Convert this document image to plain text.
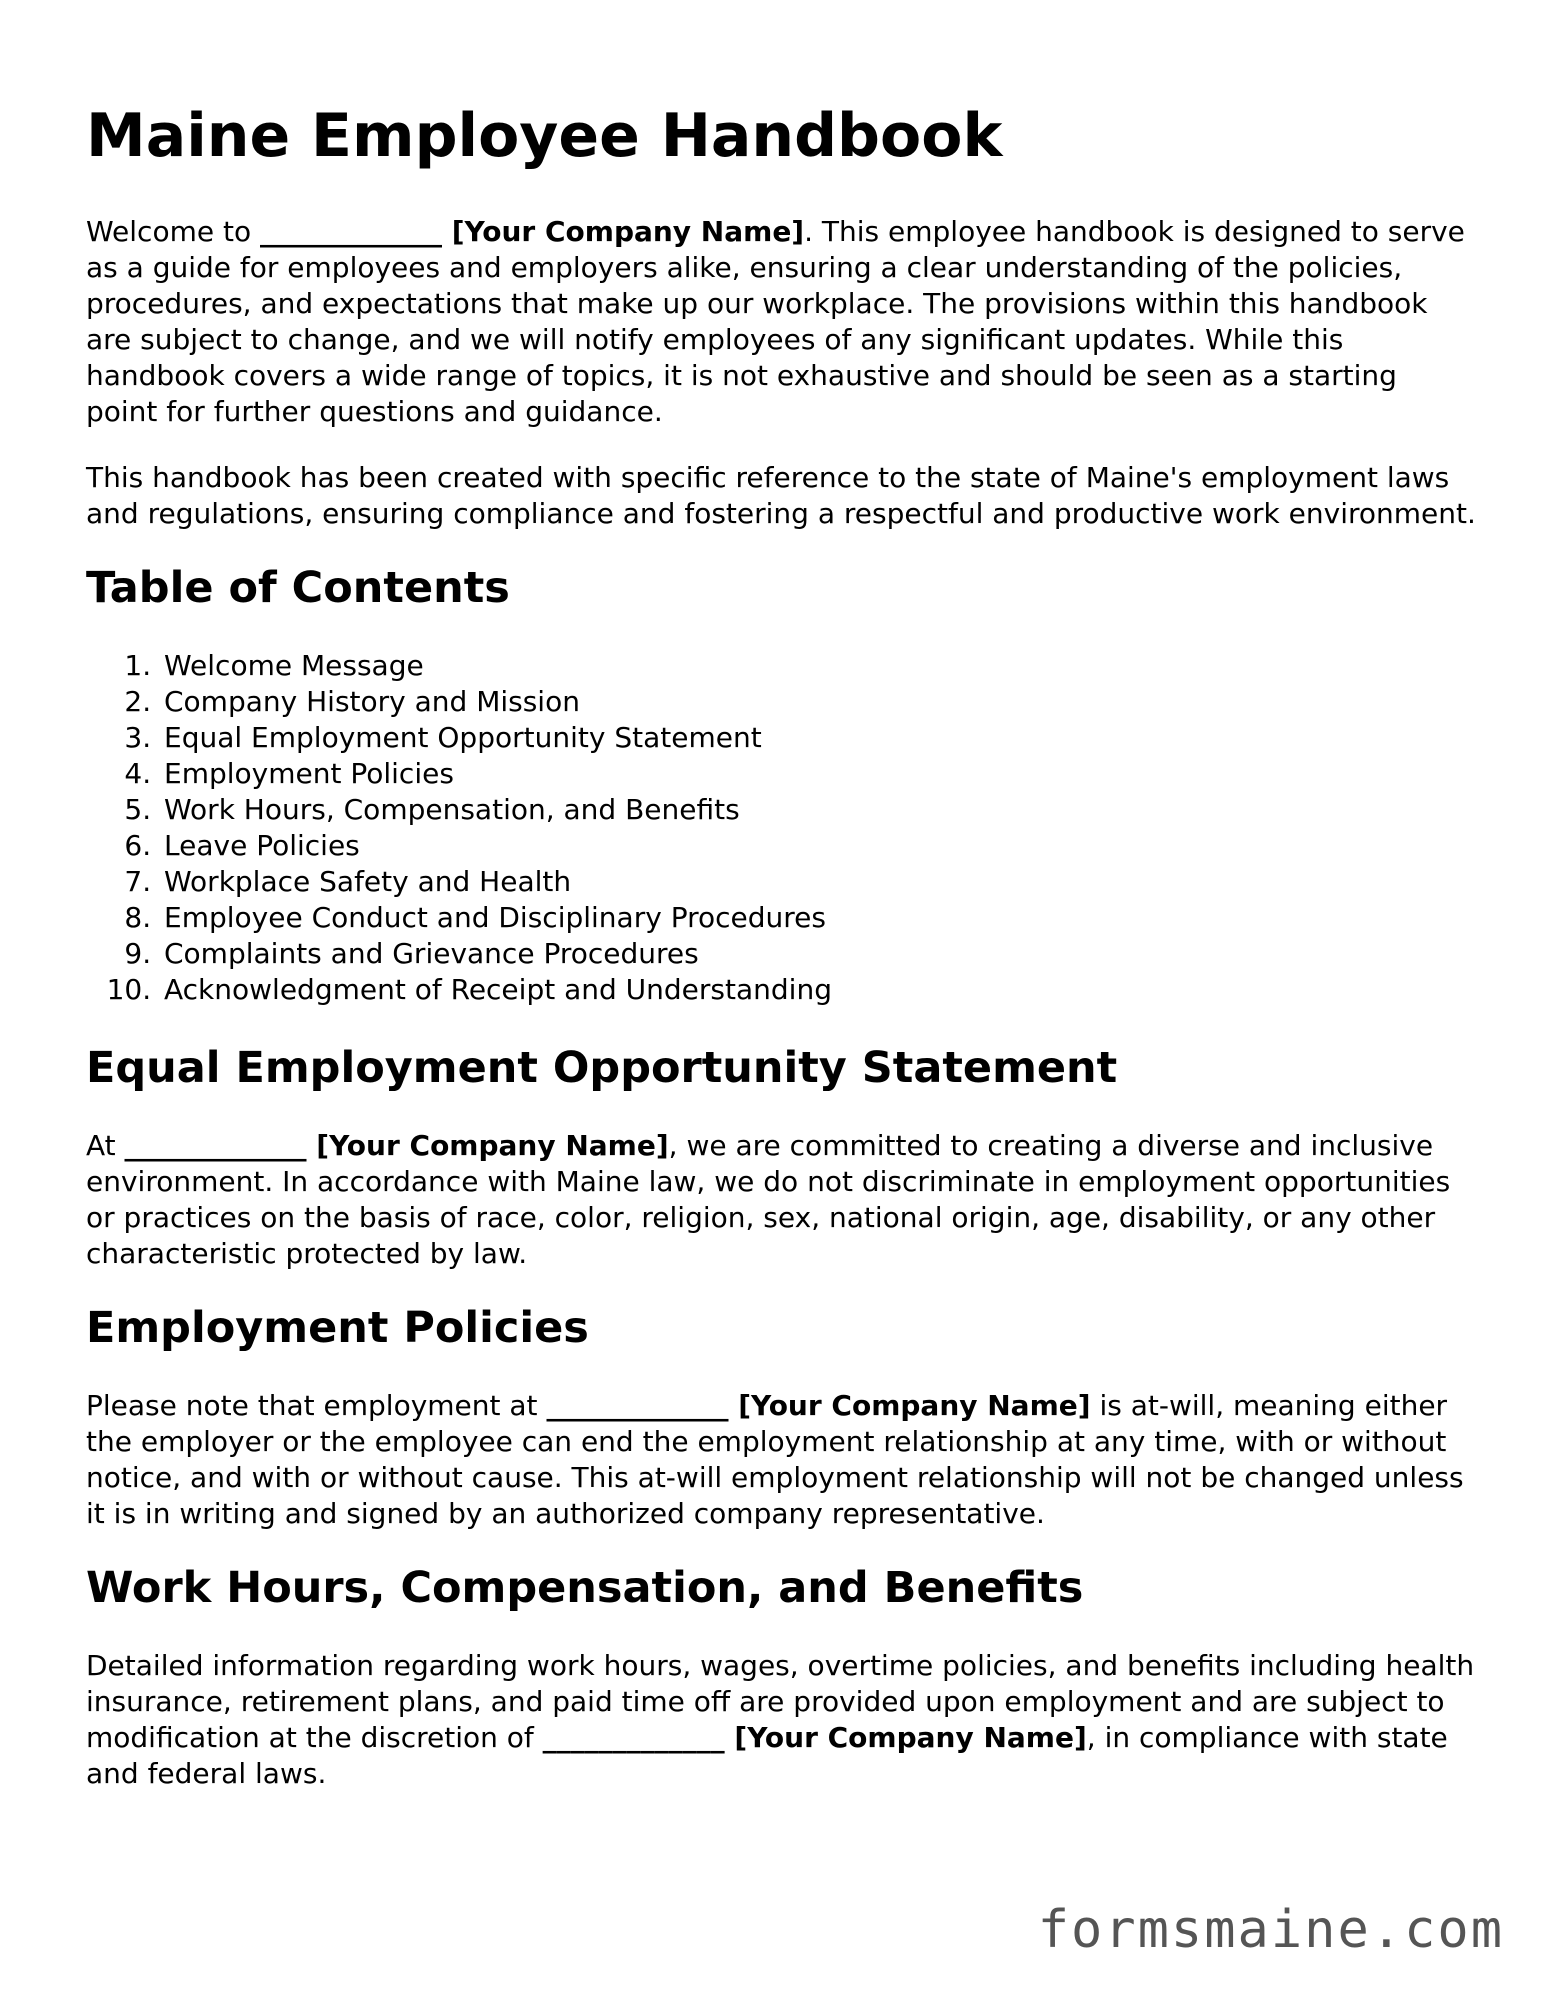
Maine Employee Handbook

Welcome to _____________ [Your Company Name]. This employee handbook is designed to serve as a guide for employees and employers alike, ensuring a clear understanding of the policies, procedures, and expectations that make up our workplace. The provisions within this handbook are subject to change, and we will notify employees of any significant updates. While this handbook covers a wide range of topics, it is not exhaustive and should be seen as a starting point for further questions and guidance.

This handbook has been created with specific reference to the state of Maine's employment laws and regulations, ensuring compliance and fostering a respectful and productive work environment.

Table of Contents
1. Welcome Message
2. Company History and Mission
3. Equal Employment Opportunity Statement
4. Employment Policies
5. Work Hours, Compensation, and Benefits
6. Leave Policies
7. Workplace Safety and Health
8. Employee Conduct and Disciplinary Procedures
9. Complaints and Grievance Procedures
10. Acknowledgment of Receipt and Understanding
Equal Employment Opportunity Statement

At _____________ [Your Company Name], we are committed to creating a diverse and inclusive environment. In accordance with Maine law, we do not discriminate in employment opportunities or practices on the basis of race, color, religion, sex, national origin, age, disability, or any other characteristic protected by law.

Employment Policies

Please note that employment at _____________ [Your Company Name] is at-will, meaning either the employer or the employee can end the employment relationship at any time, with or without notice, and with or without cause. This at-will employment relationship will not be changed unless it is in writing and signed by an authorized company representative.

Work Hours, Compensation, and Benefits

Detailed information regarding work hours, wages, overtime policies, and benefits including health insurance, retirement plans, and paid time off are provided upon employment and are subject to modification at the discretion of _____________ [Your Company Name], in compliance with state and federal laws.

formsmaine.com
